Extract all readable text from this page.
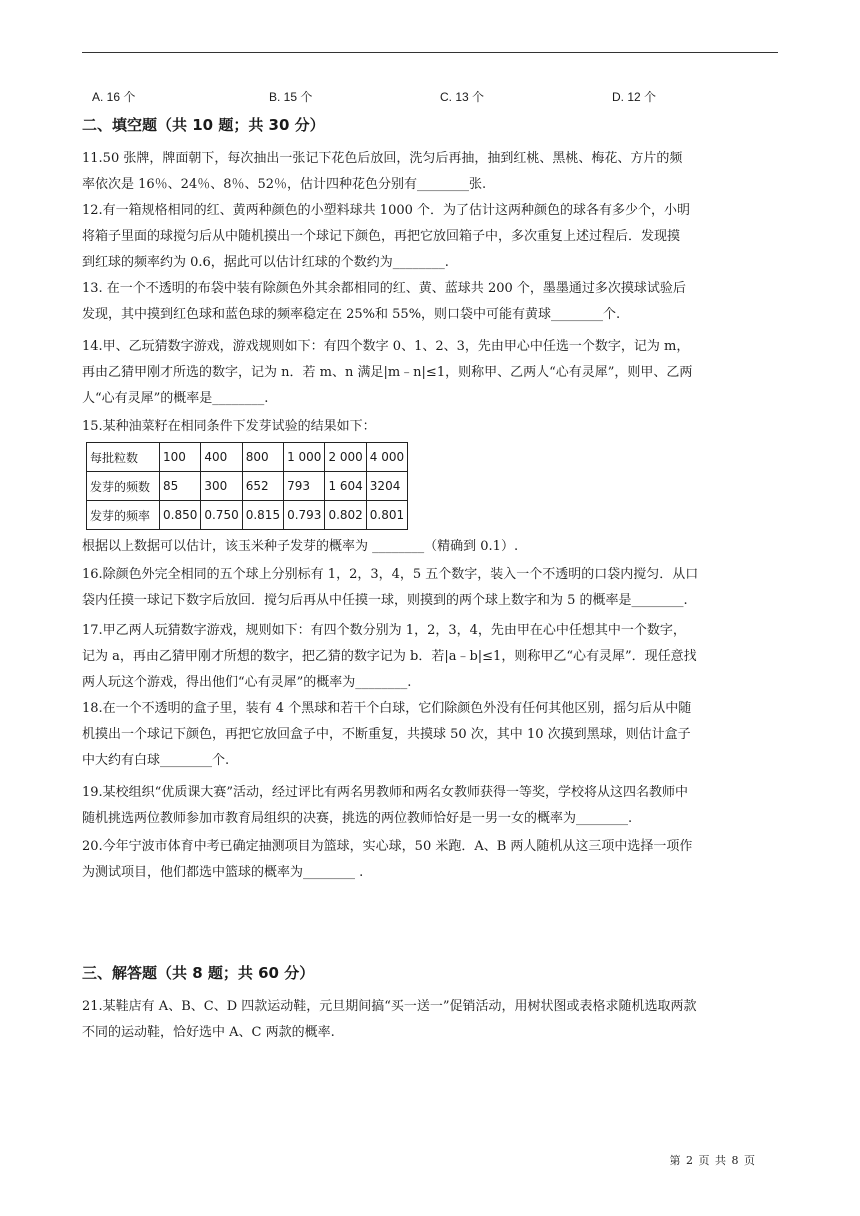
A. 16 个	B. 15 个	C. 13 个	D. 12 个
二、填空题（共 10 题；共 30 分）

11.50 张牌，牌面朝下，每次抽出一张记下花色后放回，洗匀后再抽，抽到红桃、黑桃、梅花、方片的频

率依次是 16％、24％、8％、52％，估计四种花色分别有________张.

12.有一箱规格相同的红、黄两种颜色的小塑料球共 1000 个．为了估计这两种颜色的球各有多少个，小明

将箱子里面的球搅匀后从中随机摸出一个球记下颜色，再把它放回箱子中，多次重复上述过程后．发现摸

到红球的频率约为 0.6，据此可以估计红球的个数约为________.

13. 在一个不透明的布袋中装有除颜色外其余都相同的红、黄、蓝球共 200 个，墨墨通过多次摸球试验后

发现，其中摸到红色球和蓝色球的频率稳定在 25%和 55%，则口袋中可能有黄球________个.

14.甲、乙玩猜数字游戏，游戏规则如下：有四个数字 0、1、2、3，先由甲心中任选一个数字，记为 m，

再由乙猜甲刚才所选的数字，记为 n．若 m、n 满足|m﹣n|≤1，则称甲、乙两人“心有灵犀”，则甲、乙两

人“心有灵犀”的概率是________.

15.某种油菜籽在相同条件下发芽试验的结果如下：

每批粒数	100	400	800	1 000	2 000	4 000
发芽的频数	85	300	652	793	1 604	3204
发芽的频率	0.850	0.750	0.815	0.793	0.802	0.801

根据以上数据可以估计，该玉米种子发芽的概率为 ________（精确到 0.1）.

16.除颜色外完全相同的五个球上分别标有 1，2，3，4，5 五个数字，装入一个不透明的口袋内搅匀．从口

袋内任摸一球记下数字后放回．搅匀后再从中任摸一球，则摸到的两个球上数字和为 5 的概率是________.

17.甲乙两人玩猜数字游戏，规则如下：有四个数分别为 1，2，3，4，先由甲在心中任想其中一个数字，

记为 a，再由乙猜甲刚才所想的数字，把乙猜的数字记为 b．若|a﹣b|≤1，则称甲乙“心有灵犀”．现任意找

两人玩这个游戏，得出他们“心有灵犀”的概率为________.

18.在一个不透明的盒子里，装有 4 个黑球和若干个白球，它们除颜色外没有任何其他区别，摇匀后从中随

机摸出一个球记下颜色，再把它放回盒子中，不断重复，共摸球 50 次，其中 10 次摸到黑球，则估计盒子

中大约有白球________个.

19.某校组织“优质课大赛”活动，经过评比有两名男教师和两名女教师获得一等奖，学校将从这四名教师中

随机挑选两位教师参加市教育局组织的决赛，挑选的两位教师恰好是一男一女的概率为________.

20.今年宁波市体育中考已确定抽测项目为篮球，实心球，50 米跑．A、B 两人随机从这三项中选择一项作

为测试项目，他们都选中篮球的概率为________ .

三、解答题（共 8 题；共 60 分）

21.某鞋店有 A、B、C、D 四款运动鞋，元旦期间搞“买一送一”促销活动，用树状图或表格求随机选取两款

不同的运动鞋，恰好选中 A、C 两款的概率.

第 2 页 共 8 页
